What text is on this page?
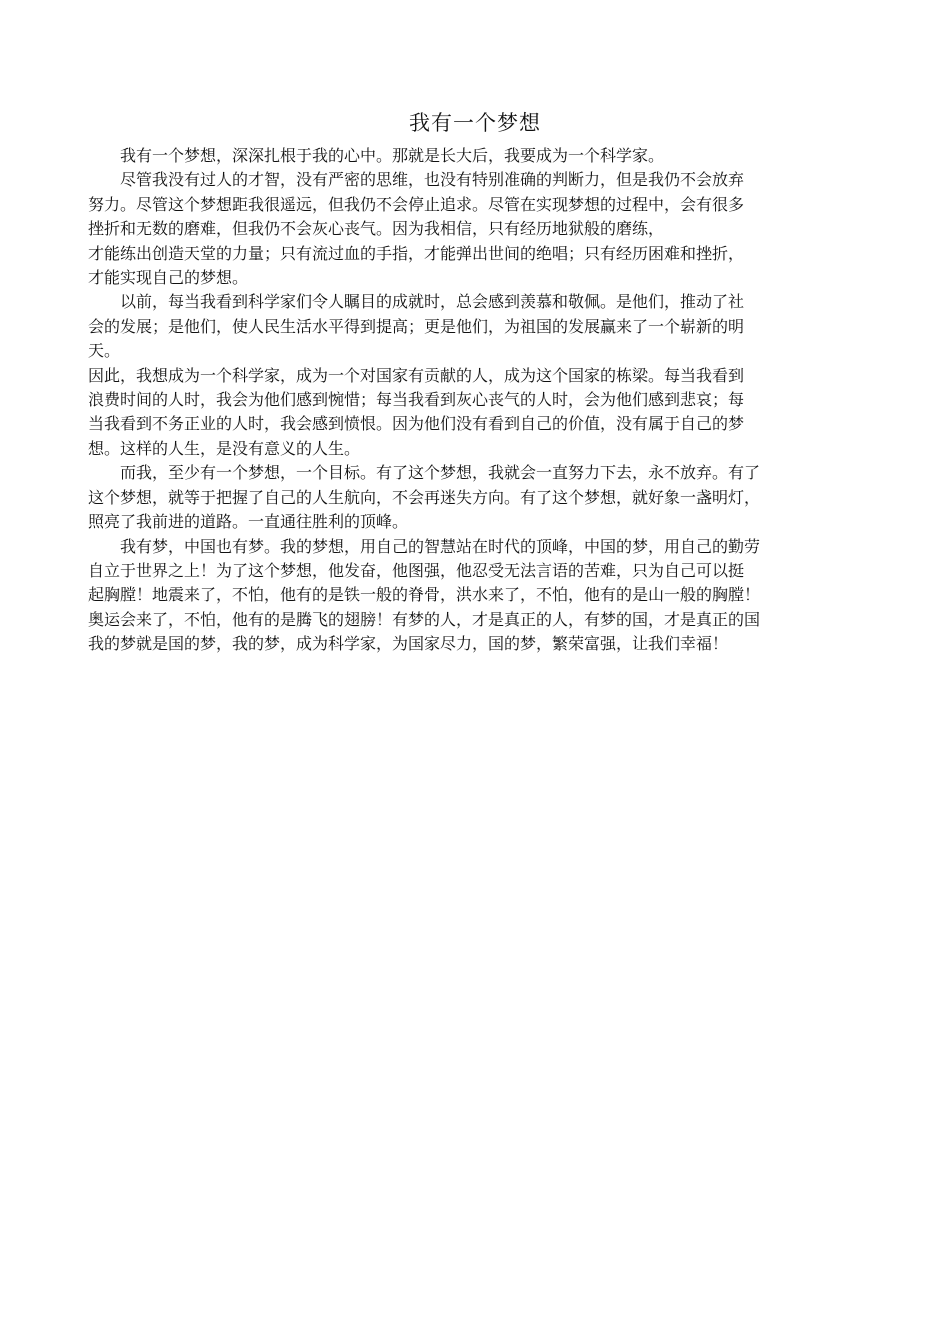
我有一个梦想

我有一个梦想，深深扎根于我的心中。那就是长大后，我要成为一个科学家。

尽管我没有过人的才智，没有严密的思维，也没有特别准确的判断力，但是我仍不会放弃
努力。尽管这个梦想距我很遥远，但我仍不会停止追求。尽管在实现梦想的过程中，会有很多
挫折和无数的磨难，但我仍不会灰心丧气。因为我相信，只有经历地狱般的磨练，
才能练出创造天堂的力量；只有流过血的手指，才能弹出世间的绝唱；只有经历困难和挫折，
才能实现自己的梦想。

以前，每当我看到科学家们令人瞩目的成就时，总会感到羡慕和敬佩。是他们，推动了社
会的发展；是他们，使人民生活水平得到提高；更是他们，为祖国的发展赢来了一个崭新的明
天。

因此，我想成为一个科学家，成为一个对国家有贡献的人，成为这个国家的栋梁。每当我看到
浪费时间的人时，我会为他们感到惋惜；每当我看到灰心丧气的人时，会为他们感到悲哀；每
当我看到不务正业的人时，我会感到愤恨。因为他们没有看到自己的价值，没有属于自己的梦
想。这样的人生，是没有意义的人生。

而我，至少有一个梦想，一个目标。有了这个梦想，我就会一直努力下去，永不放弃。有了
这个梦想，就等于把握了自己的人生航向，不会再迷失方向。有了这个梦想，就好象一盏明灯，
照亮了我前进的道路。一直通往胜利的顶峰。

我有梦，中国也有梦。我的梦想，用自己的智慧站在时代的顶峰，中国的梦，用自己的勤劳
自立于世界之上！为了这个梦想，他发奋，他图强，他忍受无法言语的苦难，只为自己可以挺
起胸膛！地震来了，不怕，他有的是铁一般的脊骨，洪水来了，不怕，他有的是山一般的胸膛！
奥运会来了，不怕，他有的是腾飞的翅膀！有梦的人，才是真正的人，有梦的国，才是真正的国
我的梦就是国的梦，我的梦，成为科学家，为国家尽力，国的梦，繁荣富强，让我们幸福！
